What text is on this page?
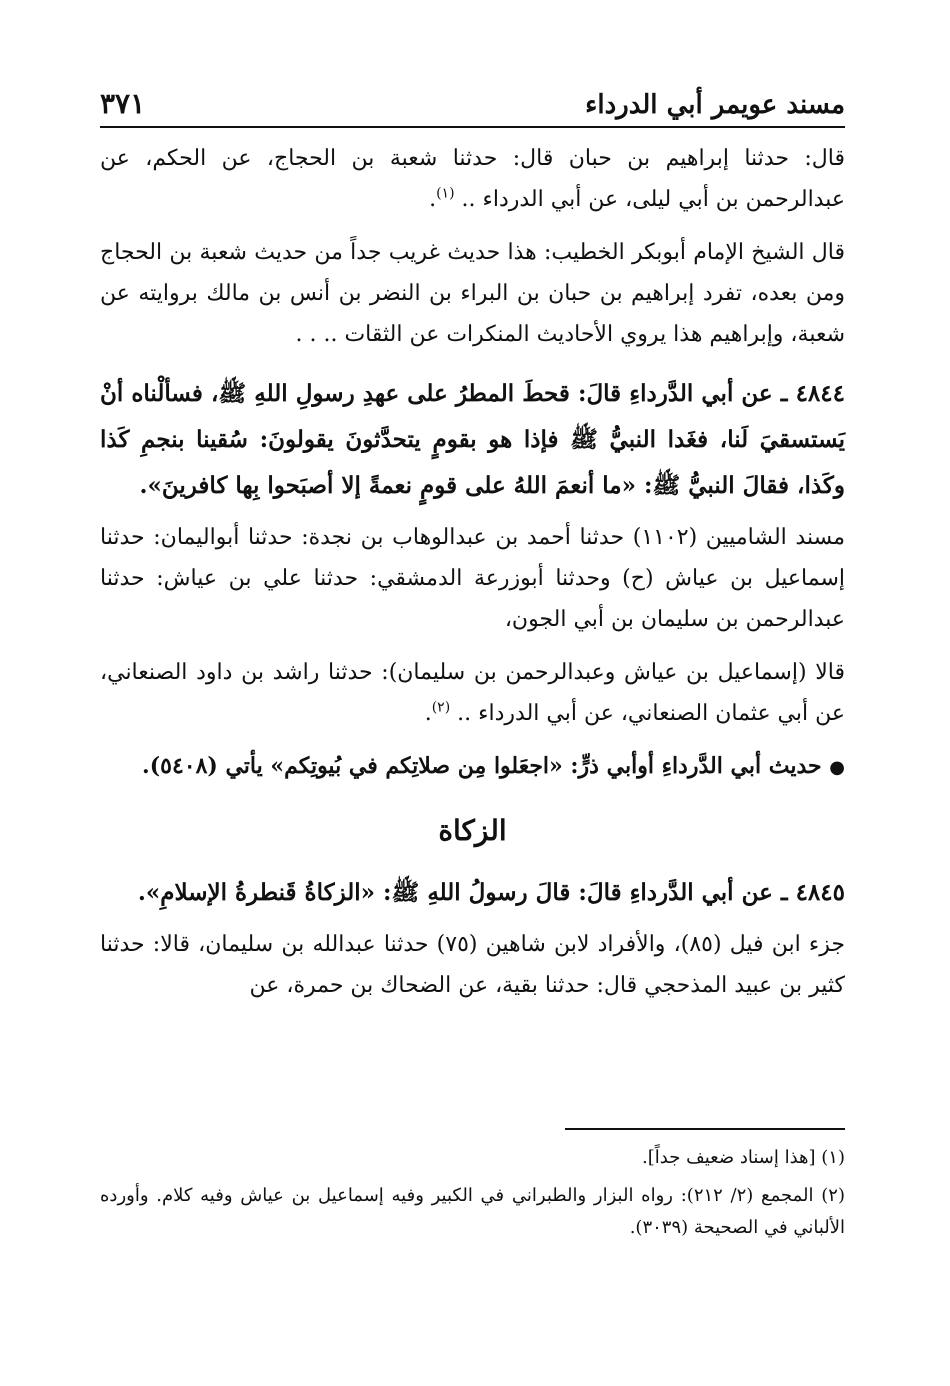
مسند عويمر أبي الدرداء
٣٧١

قال: حدثنا إبراهيم بن حبان قال: حدثنا شعبة بن الحجاج، عن الحكم، عن عبدالرحمن بن أبي ليلى، عن أبي الدرداء .. $^{(١)}$.

قال الشيخ الإمام أبوبكر الخطيب: هذا حديث غريب جداً من حديث شعبة بن الحجاج ومن بعده، تفرد إبراهيم بن حبان بن البراء بن النضر بن أنس بن مالك بروايته عن شعبة، وإبراهيم هذا يروي الأحاديث المنكرات عن الثقات .. . .

٤٨٤٤ ـ عن أبي الدَّرداءِ قالَ: قحطَ المطرُ على عهدِ رسولِ اللهِ ﷺ، فسألْناه أنْ يَستسقيَ لَنا، فغَدا النبيُّ ﷺ فإذا هو بقومٍ يتحدَّثونَ يقولونَ: سُقينا بنجمِ كَذا وكَذا، فقالَ النبيُّ ﷺ: «ما أنعمَ اللهُ على قومٍ نعمةً إلا أصبَحوا بِها كافرينَ».

مسند الشاميين (١١٠٢) حدثنا أحمد بن عبدالوهاب بن نجدة: حدثنا أبواليمان: حدثنا إسماعيل بن عياش (ح) وحدثنا أبوزرعة الدمشقي: حدثنا علي بن عياش: حدثنا عبدالرحمن بن سليمان بن أبي الجون،

قالا (إسماعيل بن عياش وعبدالرحمن بن سليمان): حدثنا راشد بن داود الصنعاني، عن أبي عثمان الصنعاني، عن أبي الدرداء .. $^{(٢)}$.

● حديث أبي الدَّرداءِ أوأبي ذرٍّ: «اجعَلوا مِن صلاتِكم في بُيوتِكم» يأتي (٥٤٠٨).

الزكاة

٤٨٤٥ ـ عن أبي الدَّرداءِ قالَ: قالَ رسولُ اللهِ ﷺ: «الزكاةُ قَنطرةُ الإسلامِ».

جزء ابن فيل (٨٥)، والأفراد لابن شاهين (٧٥) حدثنا عبدالله بن سليمان، قالا: حدثنا كثير بن عبيد المذحجي قال: حدثنا بقية، عن الضحاك بن حمرة، عن

(١) [هذا إسناد ضعيف جداً].

(٢) المجمع (٢/ ٢١٢): رواه البزار والطبراني في الكبير وفيه إسماعيل بن عياش وفيه كلام. وأورده الألباني في الصحيحة (٣٠٣٩).
